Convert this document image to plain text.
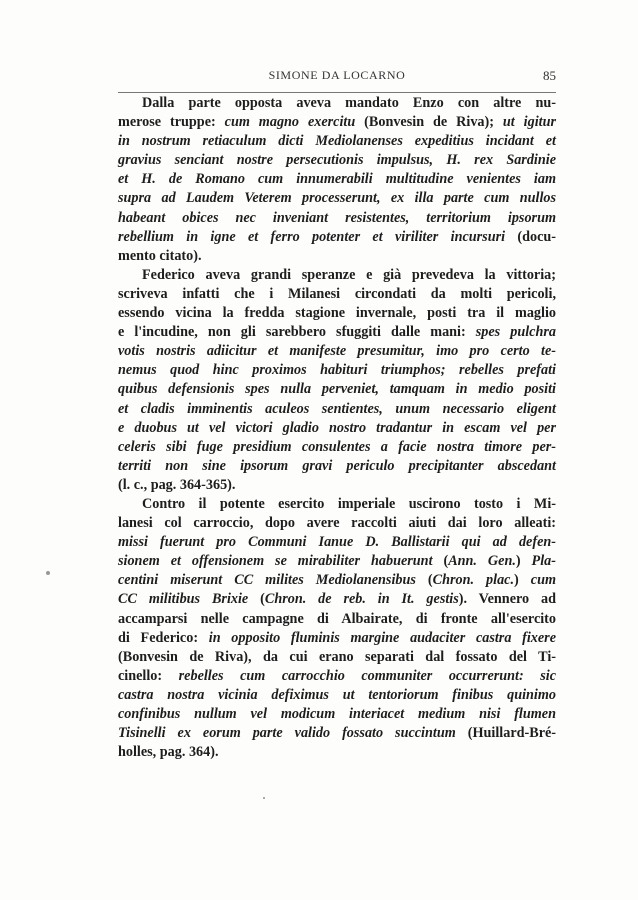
SIMONE DA LOCARNO	85
Dalla parte opposta aveva mandato Enzo con altre nu-
merose truppe: cum magno exercitu (Bonvesin de Riva); ut igitur
in nostrum retiaculum dicti Mediolanenses expeditius incidant et
gravius senciant nostre persecutionis impulsus, H. rex Sardinie
et H. de Romano cum innumerabili multitudine venientes iam
supra ad Laudem Veterem processerunt, ex illa parte cum nullos
habeant obices nec inveniant resistentes, territorium ipsorum
rebellium in igne et ferro potenter et viriliter incursuri (docu-
mento citato).
Federico aveva grandi speranze e già prevedeva la vittoria;
scriveva infatti che i Milanesi circondati da molti pericoli,
essendo vicina la fredda stagione invernale, posti tra il maglio
e l'incudine, non gli sarebbero sfuggiti dalle mani: spes pulchra
votis nostris adiicitur et manifeste presumitur, imo pro certo te-
nemus quod hinc proximos habituri triumphos; rebelles prefati
quibus defensionis spes nulla perveniet, tamquam in medio positi
et cladis imminentis aculeos sentientes, unum necessario eligent
e duobus ut vel victori gladio nostro tradantur in escam vel per
celeris sibi fuge presidium consulentes a facie nostra timore per-
territi non sine ipsorum gravi periculo precipitanter abscedant
(l. c., pag. 364-365).
Contro il potente esercito imperiale uscirono tosto i Mi-
lanesi col carroccio, dopo avere raccolti aiuti dai loro alleati:
missi fuerunt pro Communi Ianue D. Ballistarii qui ad defen-
sionem et offensionem se mirabiliter habuerunt (Ann. Gen.) Pla-
centini miserunt CC milites Mediolanensibus (Chron. plac.) cum
CC militibus Brixie (Chron. de reb. in It. gestis). Vennero ad
accamparsi nelle campagne di Albairate, di fronte all'esercito
di Federico: in opposito fluminis margine audaciter castra fixere
(Bonvesin de Riva), da cui erano separati dal fossato del Ti-
cinello: rebelles cum carrocchio communiter occurrerunt: sic
castra nostra vicinia defiximus ut tentoriorum finibus quinimo
confinibus nullum vel modicum interiacet medium nisi flumen
Tisinelli ex eorum parte valido fossato succintum (Huillard-Bré-
holles, pag. 364).
